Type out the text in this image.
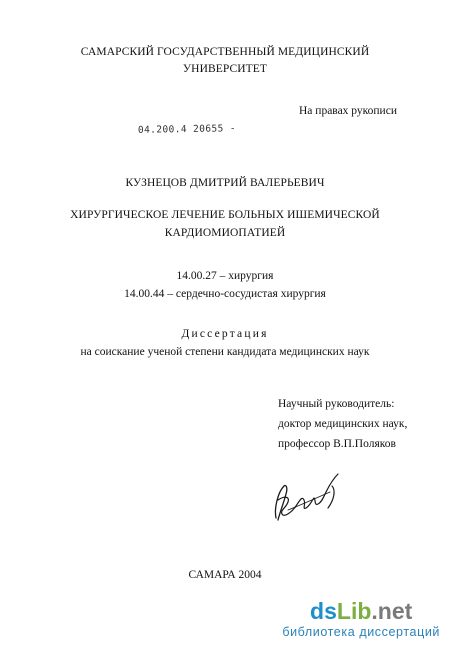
САМАРСКИЙ ГОСУДАРСТВЕННЫЙ МЕДИЦИНСКИЙ
УНИВЕРСИТЕТ
На правах рукописи
04.200.4 20655 -
КУЗНЕЦОВ ДМИТРИЙ ВАЛЕРЬЕВИЧ
ХИРУРГИЧЕСКОЕ ЛЕЧЕНИЕ БОЛЬНЫХ ИШЕМИЧЕСКОЙ
КАРДИОМИОПАТИЕЙ
14.00.27 – хирургия
14.00.44 – сердечно-сосудистая хирургия
Диссертация
на соискание ученой степени кандидата медицинских наук
Научный руководитель:
доктор медицинских наук,
профессор В.П.Поляков
САМАРА 2004
dsLib.net
библиотека диссертаций
